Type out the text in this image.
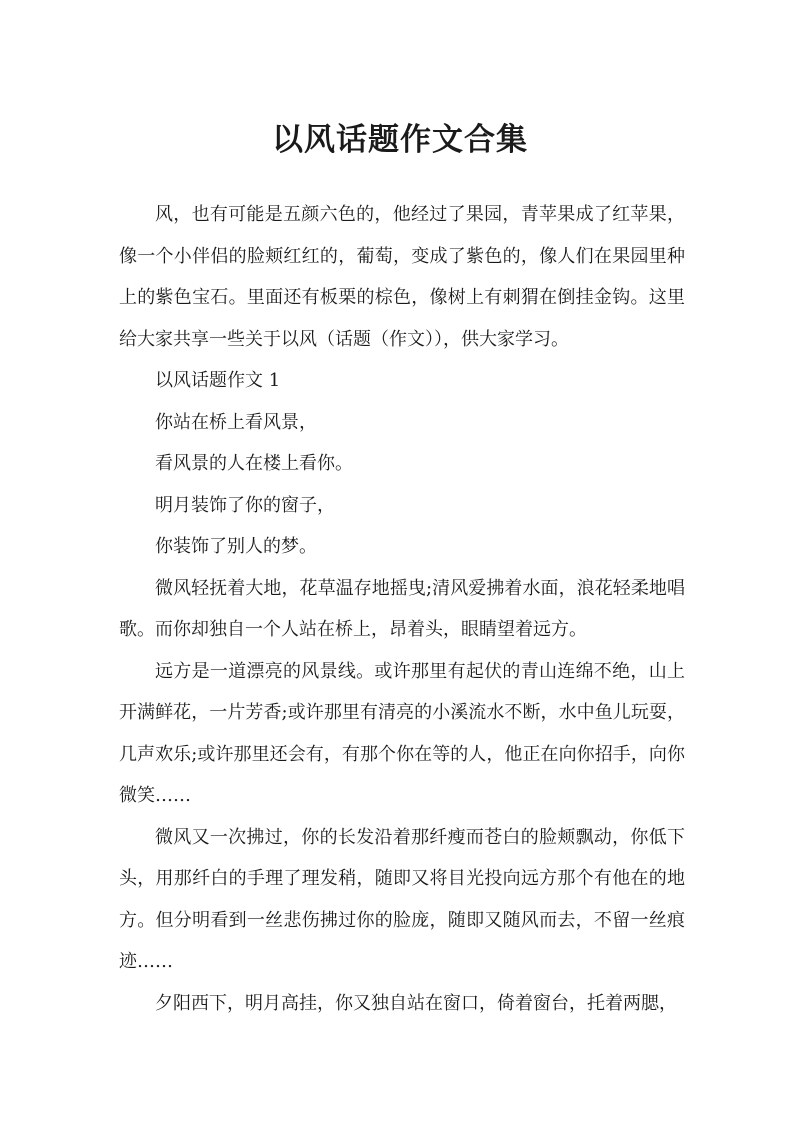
以风话题作文合集

风，也有可能是五颜六色的，他经过了果园，青苹果成了红苹果，像一个小伴侣的脸颊红红的，葡萄，变成了紫色的，像人们在果园里种上的紫色宝石。里面还有板栗的棕色，像树上有刺猬在倒挂金钩。这里给大家共享一些关于以风（话题（作文）），供大家学习。

以风话题作文 1

你站在桥上看风景，

看风景的人在楼上看你。

明月装饰了你的窗子，

你装饰了别人的梦。

微风轻抚着大地，花草温存地摇曳;清风爱拂着水面，浪花轻柔地唱歌。而你却独自一个人站在桥上，昂着头，眼睛望着远方。

远方是一道漂亮的风景线。或许那里有起伏的青山连绵不绝，山上开满鲜花，一片芳香;或许那里有清亮的小溪流水不断，水中鱼儿玩耍，几声欢乐;或许那里还会有，有那个你在等的人，他正在向你招手，向你微笑……

微风又一次拂过，你的长发沿着那纤瘦而苍白的脸颊飘动，你低下头，用那纤白的手理了理发稍，随即又将目光投向远方那个有他在的地方。但分明看到一丝悲伤拂过你的脸庞，随即又随风而去，不留一丝痕迹……

夕阳西下，明月高挂，你又独自站在窗口，倚着窗台，托着两腮，
